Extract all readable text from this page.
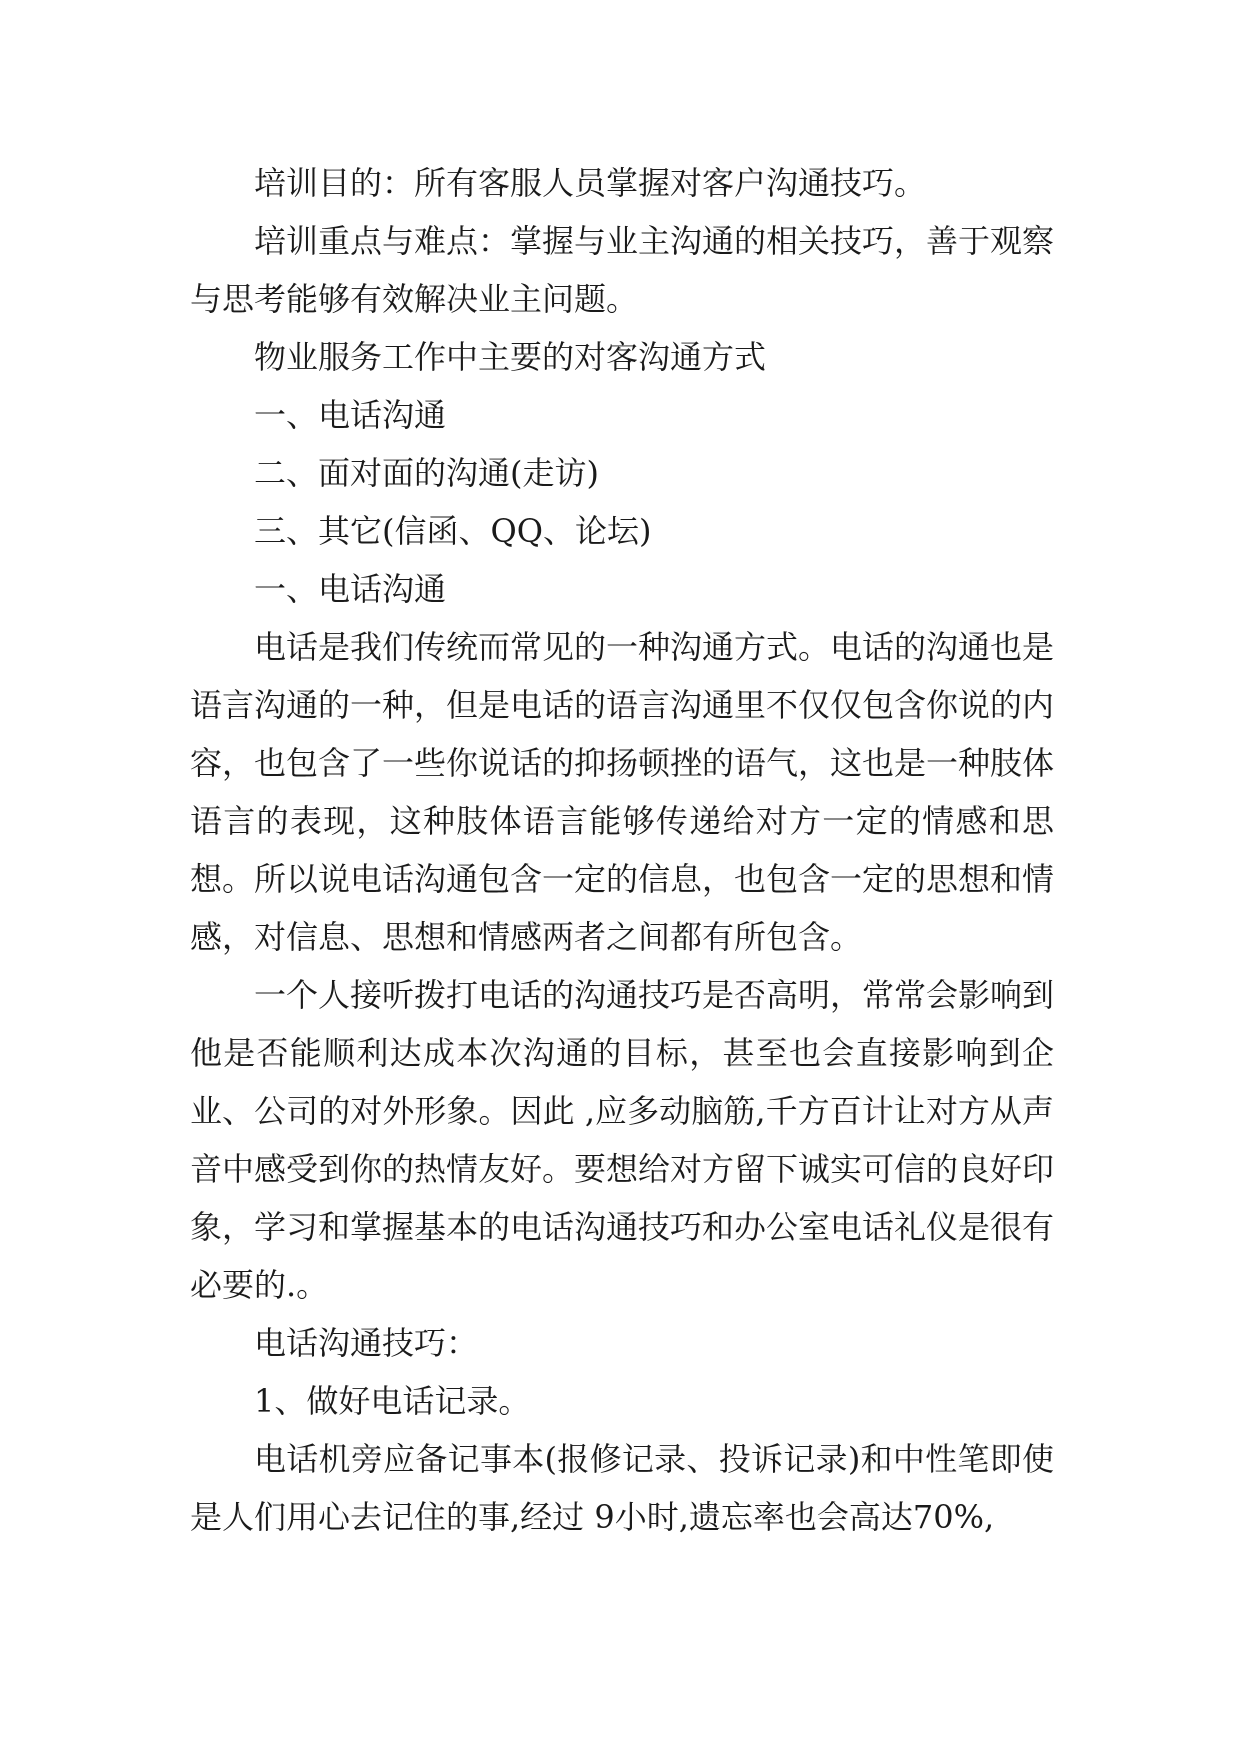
培训目的：所有客服人员掌握对客户沟通技巧。

培训重点与难点：掌握与业主沟通的相关技巧，善于观察与思考能够有效解决业主问题。

物业服务工作中主要的对客沟通方式

一、电话沟通

二、面对面的沟通(走访)

三、其它(信函、QQ、论坛)

一、电话沟通

电话是我们传统而常见的一种沟通方式。电话的沟通也是语言沟通的一种，但是电话的语言沟通里不仅仅包含你说的内容，也包含了一些你说话的抑扬顿挫的语气，这也是一种肢体语言的表现，这种肢体语言能够传递给对方一定的情感和思想。所以说电话沟通包含一定的信息，也包含一定的思想和情感，对信息、思想和情感两者之间都有所包含。

一个人接听拨打电话的沟通技巧是否高明，常常会影响到他是否能顺利达成本次沟通的目标，甚至也会直接影响到企业、公司的对外形象。因此 ,应多动脑筋,千方百计让对方从声音中感受到你的热情友好。要想给对方留下诚实可信的良好印象，学习和掌握基本的电话沟通技巧和办公室电话礼仪是很有必要的.。

电话沟通技巧：

1、做好电话记录。

电话机旁应备记事本(报修记录、投诉记录)和中性笔即使是人们用心去记住的事,经过 9小时,遗忘率也会高达70%,
